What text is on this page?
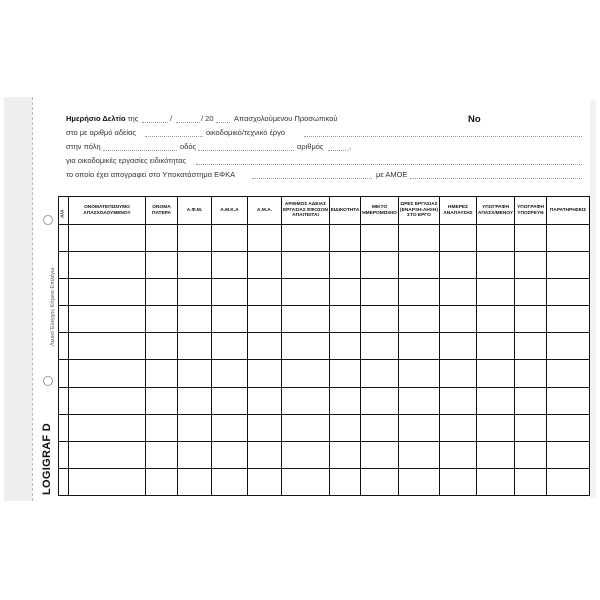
LOGIGRAF D
Λευκό Έλεγχος Κίτρινο Επιλέγω
Ημερήσιο Δελτίο της	/	/ 20	Απασχολούμενου Προσωπικού	No
στο με αριθμό αδείας	οικοδομικό/τεχνικό έργο
στην πόλη	οδός	αριθμός	,
για οικοδομικές εργασίες ειδικότητας
το οποίο έχει απογραφεί στο Υποκατάστημα ΕΦΚΑ	με ΑΜΟΕ
Α/Α	ΟΝΟΜΑΤΕΠΩΝΥΜΟ ΑΠΑΣΧΟΛΟΥΜΕΝΟΥ	ΟΝΟΜΑ ΠΑΤΕΡΑ	Α.Φ.Μ.	Α.Μ.Κ.Α	Α.Μ.Α.	ΑΡΙΘΜΟΣ ΑΔΕΙΑΣ ΕΡΓΑΣΙΑΣ ΕΦΟΣΟΝ ΑΠΑΙΤΕΙΤΑΙ	ΕΙΔΙΚΟΤΗΤΑ	ΜΙΚΤΟ ΗΜΕΡΟΜΙΣΘΙΟ	ΩΡΕΣ ΕΡΓΑΣΙΑΣ (ΕΝΑΡΞΗ-ΛΗΞΗ) ΣΤΟ ΕΡΓΟ	ΗΜΕΡΕΣ ΑΝΑΠΑΥΣΗΣ	ΥΠΟΓΡΑΦΗ ΑΠΑΣΧ/ΜΕΝΟΥ	ΥΠΟΓΡΑΦΗ ΥΠΟΣΡΕΥΘ	ΠΑΡΑΤΗΡΗΣΕΙΣ
